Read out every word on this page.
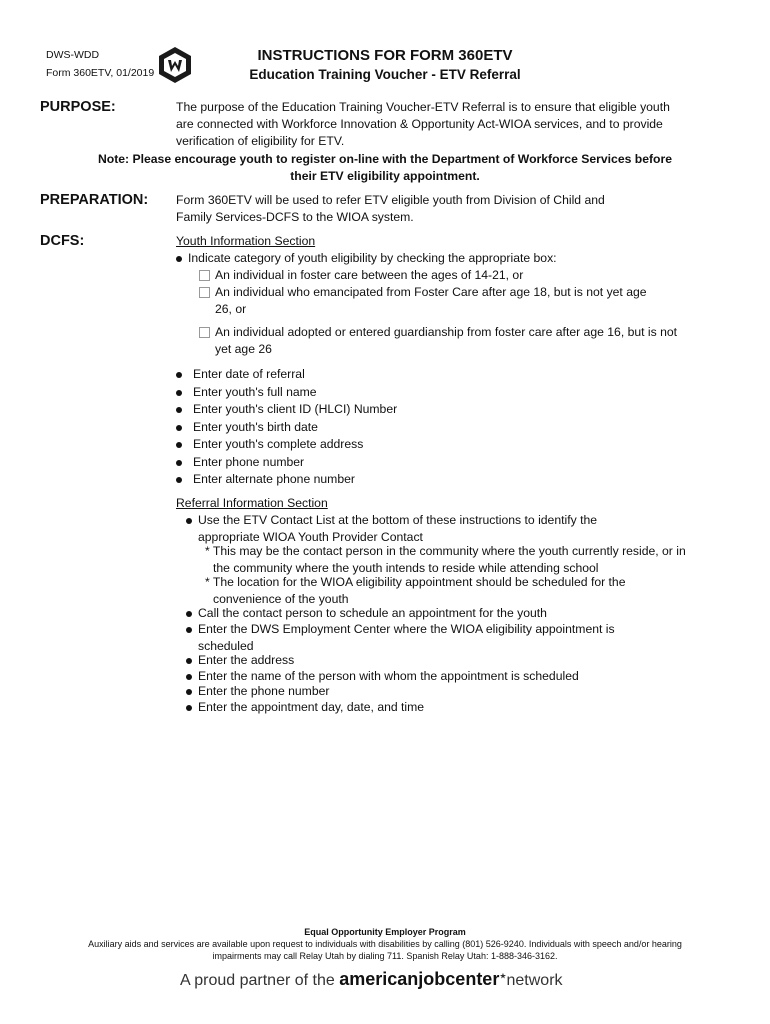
DWS-WDD
Form 360ETV, 01/2019
INSTRUCTIONS FOR FORM 360ETV
Education Training Voucher - ETV Referral
PURPOSE:	The purpose of the Education Training Voucher-ETV Referral is to ensure that eligible youth are connected with Workforce Innovation & Opportunity Act-WIOA services, and to provide verification of eligibility for ETV.
Note: Please encourage youth to register on-line with the Department of Workforce Services before
their ETV eligibility appointment.
PREPARATION: Form 360ETV will be used to refer ETV eligible youth from Division of Child and Family Services-DCFS to the WIOA system.
DCFS:	Youth Information Section
Indicate category of youth eligibility by checking the appropriate box:
An individual in foster care between the ages of 14-21, or
An individual who emancipated from Foster Care after age 18, but is not yet age 26, or
An individual adopted or entered guardianship from foster care after age 16, but is not yet age 26
Enter date of referral
Enter youth's full name
Enter youth's client ID (HLCI) Number
Enter youth's birth date
Enter youth's complete address
Enter phone number
Enter alternate phone number
Referral Information Section
Use the ETV Contact List at the bottom of these instructions to identify the appropriate WIOA Youth Provider Contact
* This may be the contact person in the community where the youth currently reside, or in the community where the youth intends to reside while attending school
* The location for the WIOA eligibility appointment should be scheduled for the convenience of the youth
Call the contact person to schedule an appointment for the youth
Enter the DWS Employment Center where the WIOA eligibility appointment is scheduled
Enter the address
Enter the name of the person with whom the appointment is scheduled
Enter the phone number
Enter the appointment day, date, and time
Equal Opportunity Employer Program
Auxiliary aids and services are available upon request to individuals with disabilities by calling (801) 526-9240. Individuals with speech and/or hearing
impairments may call Relay Utah by dialing 711. Spanish Relay Utah: 1-888-346-3162.
A proud partner of the americanjobcenter★network
